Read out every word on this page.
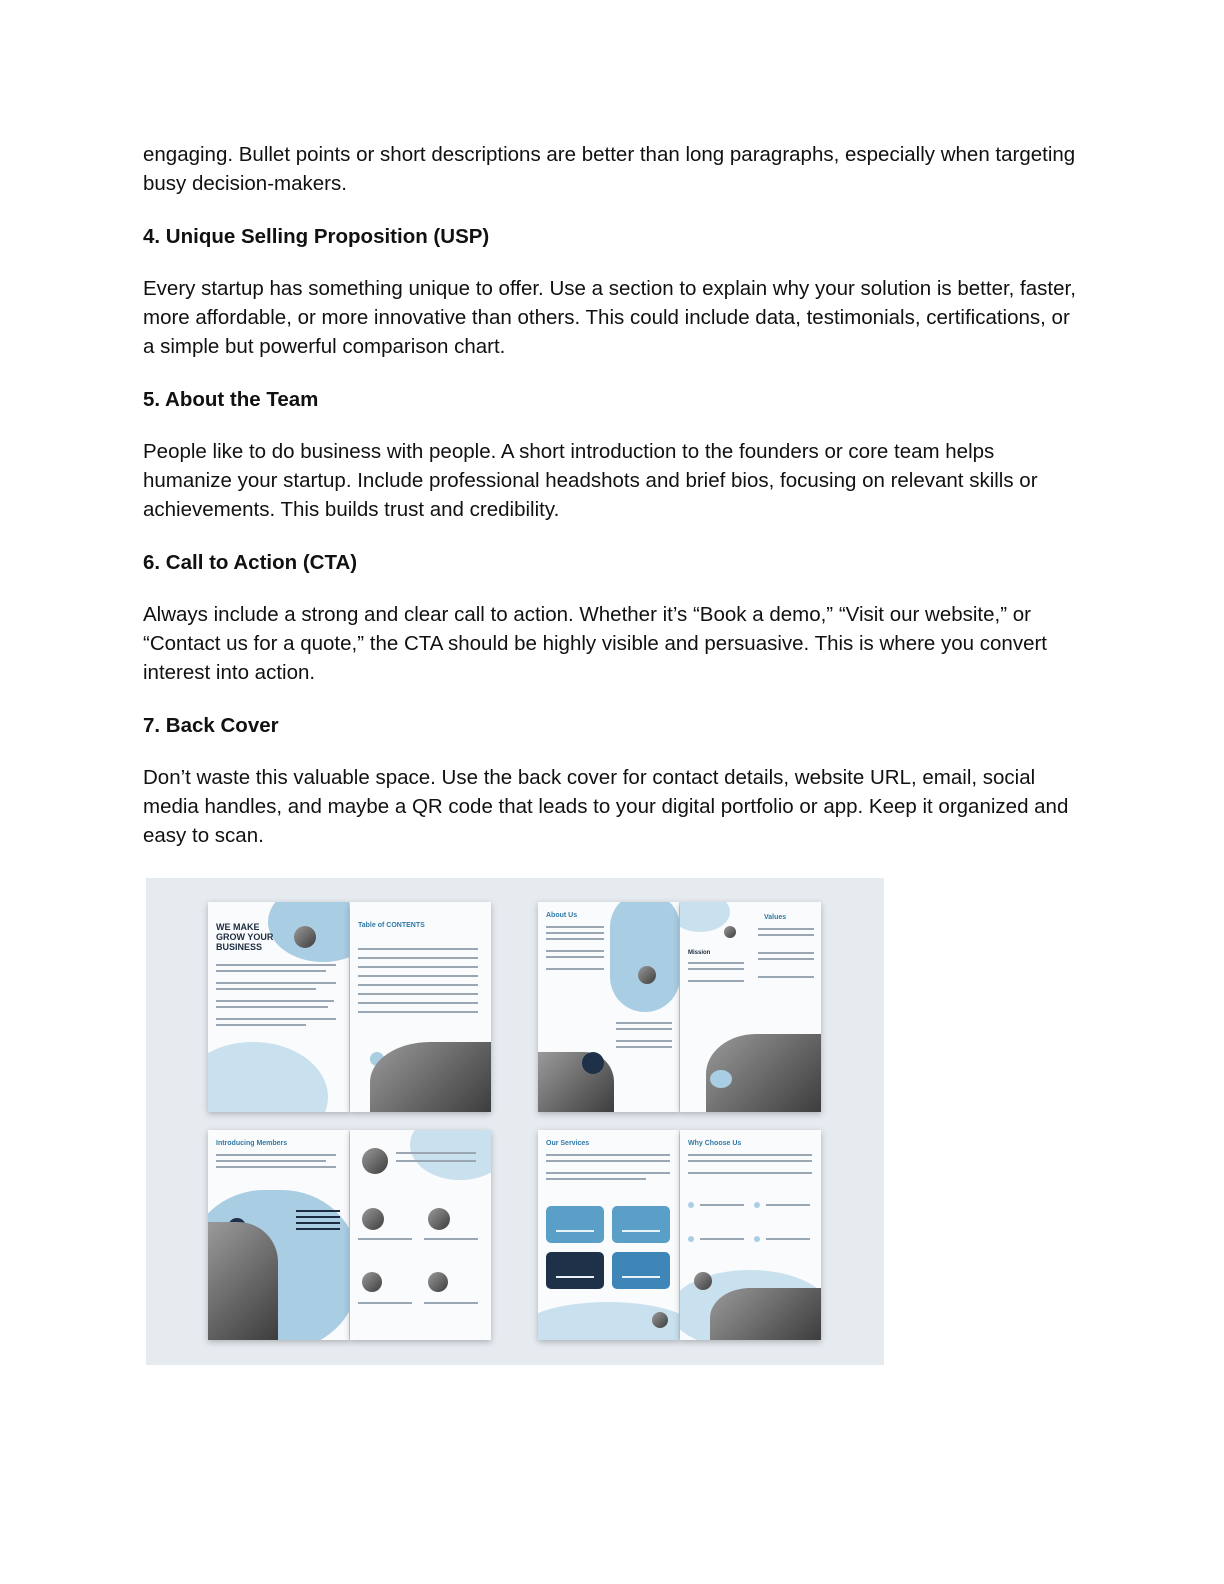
engaging. Bullet points or short descriptions are better than long paragraphs, especially when targeting busy decision-makers.

4. Unique Selling Proposition (USP)

Every startup has something unique to offer. Use a section to explain why your solution is better, faster, more affordable, or more innovative than others. This could include data, testimonials, certifications, or a simple but powerful comparison chart.

5. About the Team

People like to do business with people. A short introduction to the founders or core team helps humanize your startup. Include professional headshots and brief bios, focusing on relevant skills or achievements. This builds trust and credibility.

6. Call to Action (CTA)

Always include a strong and clear call to action. Whether it’s “Book a demo,” “Visit our website,” or “Contact us for a quote,” the CTA should be highly visible and persuasive. This is where you convert interest into action.

7. Back Cover

Don’t waste this valuable space. Use the back cover for contact details, website URL, email, social media handles, and maybe a QR code that leads to your digital portfolio or app. Keep it organized and easy to scan.

WE MAKE GROW YOUR BUSINESS
Table of CONTENTS
About Us	Values
Mission
Introducing Members	Our Services	Why Choose Us
